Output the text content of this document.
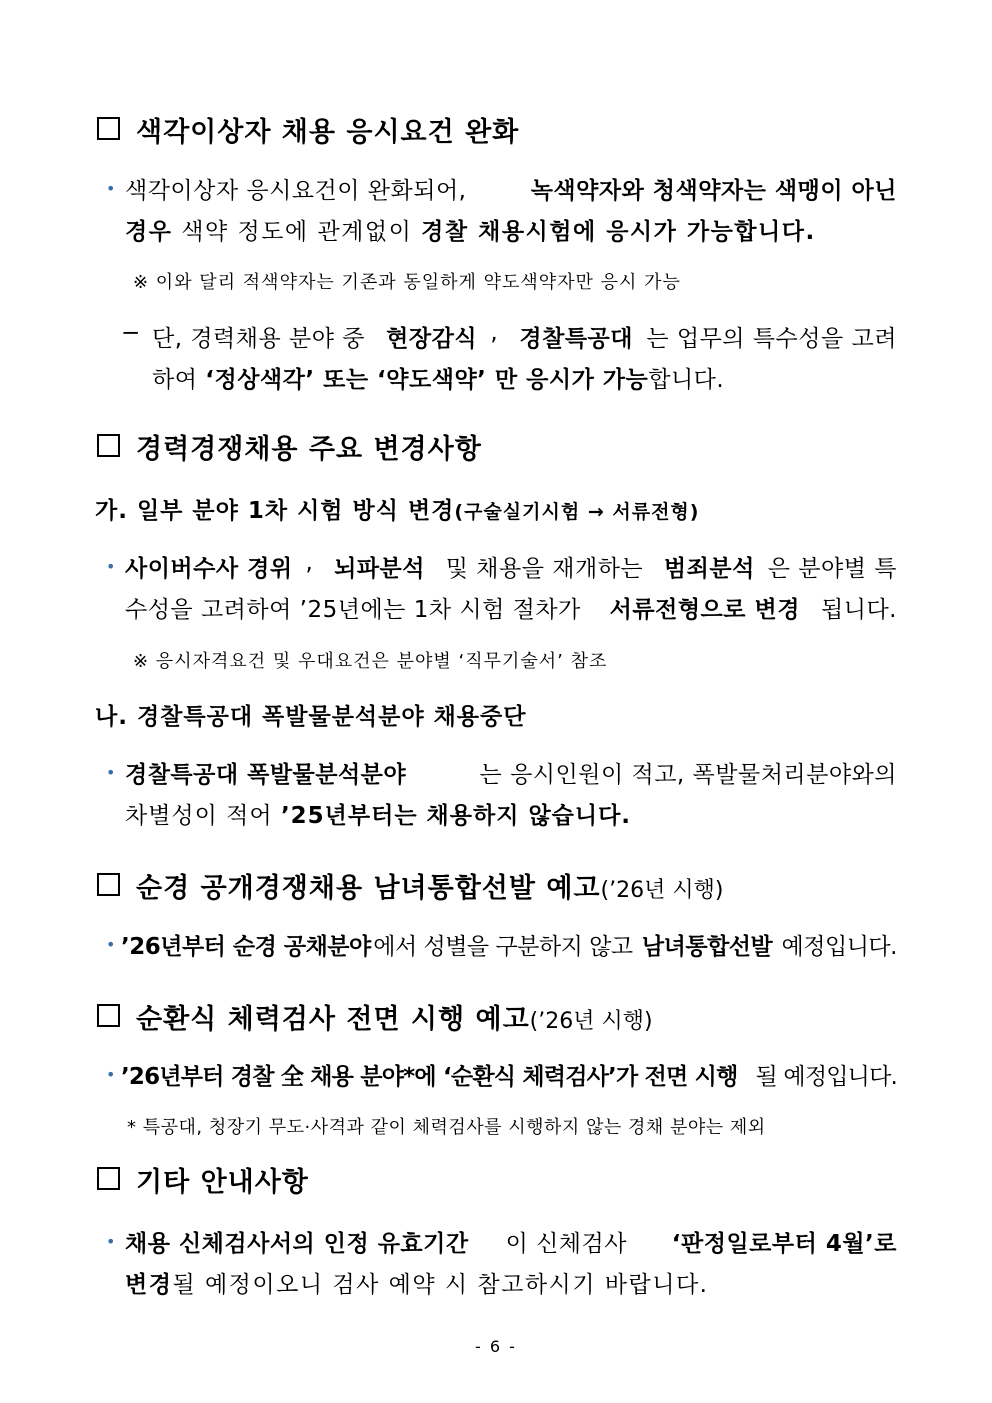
색각이상자 채용 응시요건 완화
• 색각이상자 응시요건이 완화되어, 녹색약자와 청색약자는 색맹이 아닌
경우 색약 정도에 관계없이 경찰 채용시험에 응시가 가능합니다.
※ 이와 달리 적색약자는 기존과 동일하게 약도색약자만 응시 가능
− 단, 경력채용 분야 중 현장감식 , 경찰특공대 는 업무의 특수성을 고려
하여 ‘정상색각’ 또는 ‘약도색약’ 만 응시가 가능합니다.
경력경쟁채용 주요 변경사항
가. 일부 분야 1차 시험 방식 변경(구술실기시험 → 서류전형)
• 사이버수사 경위 , 뇌파분석 및 채용을 재개하는 범죄분석 은 분야별 특
수성을 고려하여 ’25년에는 1차 시험 절차가 서류전형으로 변경 됩니다.
※ 응시자격요건 및 우대요건은 분야별 ‘직무기술서’ 참조
나. 경찰특공대 폭발물분석분야 채용중단
• 경찰특공대 폭발물분석분야	는 응시인원이 적고, 폭발물처리분야와의
차별성이 적어 ’25년부터는 채용하지 않습니다.
순경 공개경쟁채용 남녀통합선발 예고(’26년 시행)
• ’26년부터 순경 공채분야 에서 성별을 구분하지 않고 남녀통합선발 예정입니다.
순환식 체력검사 전면 시행 예고(’26년 시행)
• ’26년부터 경찰 全 채용 분야*에 ‘순환식 체력검사’가 전면 시행 될 예정입니다.
* 특공대, 청장기 무도·사격과 같이 체력검사를 시행하지 않는 경채 분야는 제외
기타 안내사항
• 채용 신체검사서의 인정 유효기간 이 신체검사 ‘판정일로부터 4월’로
변경될 예정이오니 검사 예약 시 참고하시기 바랍니다.
- 6 -
